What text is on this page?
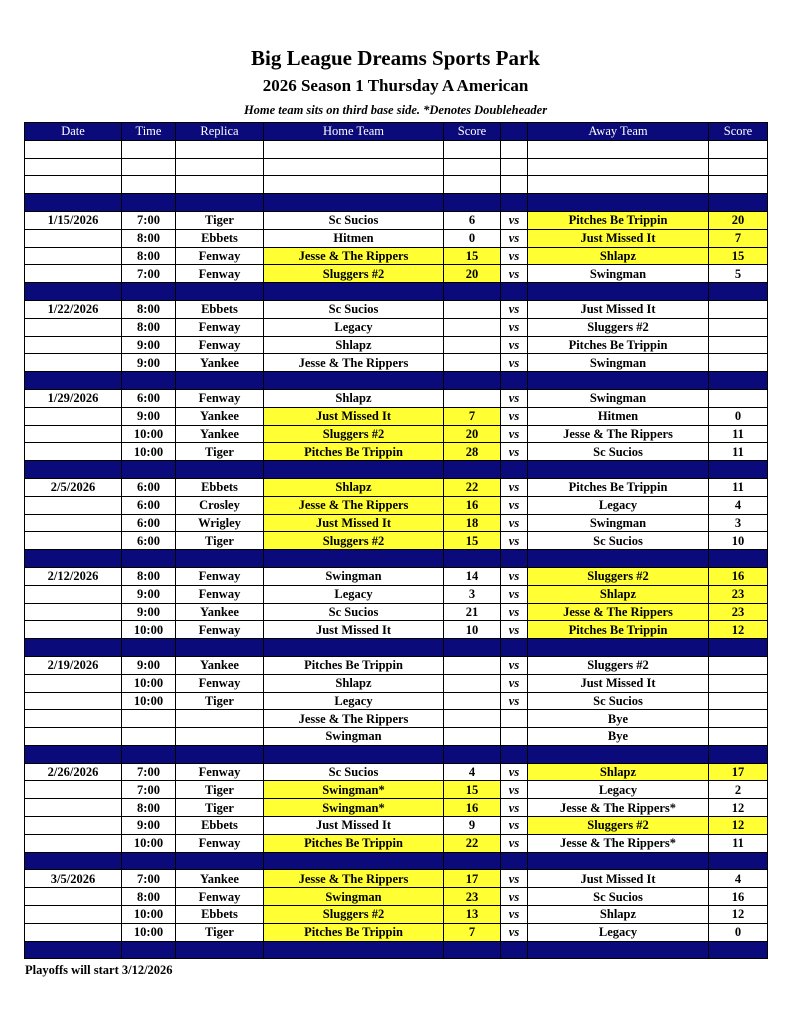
Big League Dreams Sports Park
2026 Season 1 Thursday A American
Home team sits on third base side. *Denotes Doubleheader
Date	Time	Replica	Home Team	Score		Away Team	Score

1/15/2026	7:00	Tiger	Sc Sucios	6	vs	Pitches Be Trippin	20
	8:00	Ebbets	Hitmen	0	vs	Just Missed It	7
	8:00	Fenway	Jesse & The Rippers	15	vs	Shlapz	15
	7:00	Fenway	Sluggers #2	20	vs	Swingman	5

1/22/2026	8:00	Ebbets	Sc Sucios		vs	Just Missed It	
	8:00	Fenway	Legacy		vs	Sluggers #2	
	9:00	Fenway	Shlapz		vs	Pitches Be Trippin	
	9:00	Yankee	Jesse & The Rippers		vs	Swingman	

1/29/2026	6:00	Fenway	Shlapz		vs	Swingman	
	9:00	Yankee	Just Missed It	7	vs	Hitmen	0
	10:00	Yankee	Sluggers #2	20	vs	Jesse & The Rippers	11
	10:00	Tiger	Pitches Be Trippin	28	vs	Sc Sucios	11

2/5/2026	6:00	Ebbets	Shlapz	22	vs	Pitches Be Trippin	11
	6:00	Crosley	Jesse & The Rippers	16	vs	Legacy	4
	6:00	Wrigley	Just Missed It	18	vs	Swingman	3
	6:00	Tiger	Sluggers #2	15	vs	Sc Sucios	10

2/12/2026	8:00	Fenway	Swingman	14	vs	Sluggers #2	16
	9:00	Fenway	Legacy	3	vs	Shlapz	23
	9:00	Yankee	Sc Sucios	21	vs	Jesse & The Rippers	23
	10:00	Fenway	Just Missed It	10	vs	Pitches Be Trippin	12

2/19/2026	9:00	Yankee	Pitches Be Trippin		vs	Sluggers #2	
	10:00	Fenway	Shlapz		vs	Just Missed It	
	10:00	Tiger	Legacy		vs	Sc Sucios	
			Jesse & The Rippers			Bye	
			Swingman			Bye	

2/26/2026	7:00	Fenway	Sc Sucios	4	vs	Shlapz	17
	7:00	Tiger	Swingman*	15	vs	Legacy	2
	8:00	Tiger	Swingman*	16	vs	Jesse & The Rippers*	12
	9:00	Ebbets	Just Missed It	9	vs	Sluggers #2	12
	10:00	Fenway	Pitches Be Trippin	22	vs	Jesse & The Rippers*	11

3/5/2026	7:00	Yankee	Jesse & The Rippers	17	vs	Just Missed It	4
	8:00	Fenway	Swingman	23	vs	Sc Sucios	16
	10:00	Ebbets	Sluggers #2	13	vs	Shlapz	12
	10:00	Tiger	Pitches Be Trippin	7	vs	Legacy	0

Playoffs will start 3/12/2026
